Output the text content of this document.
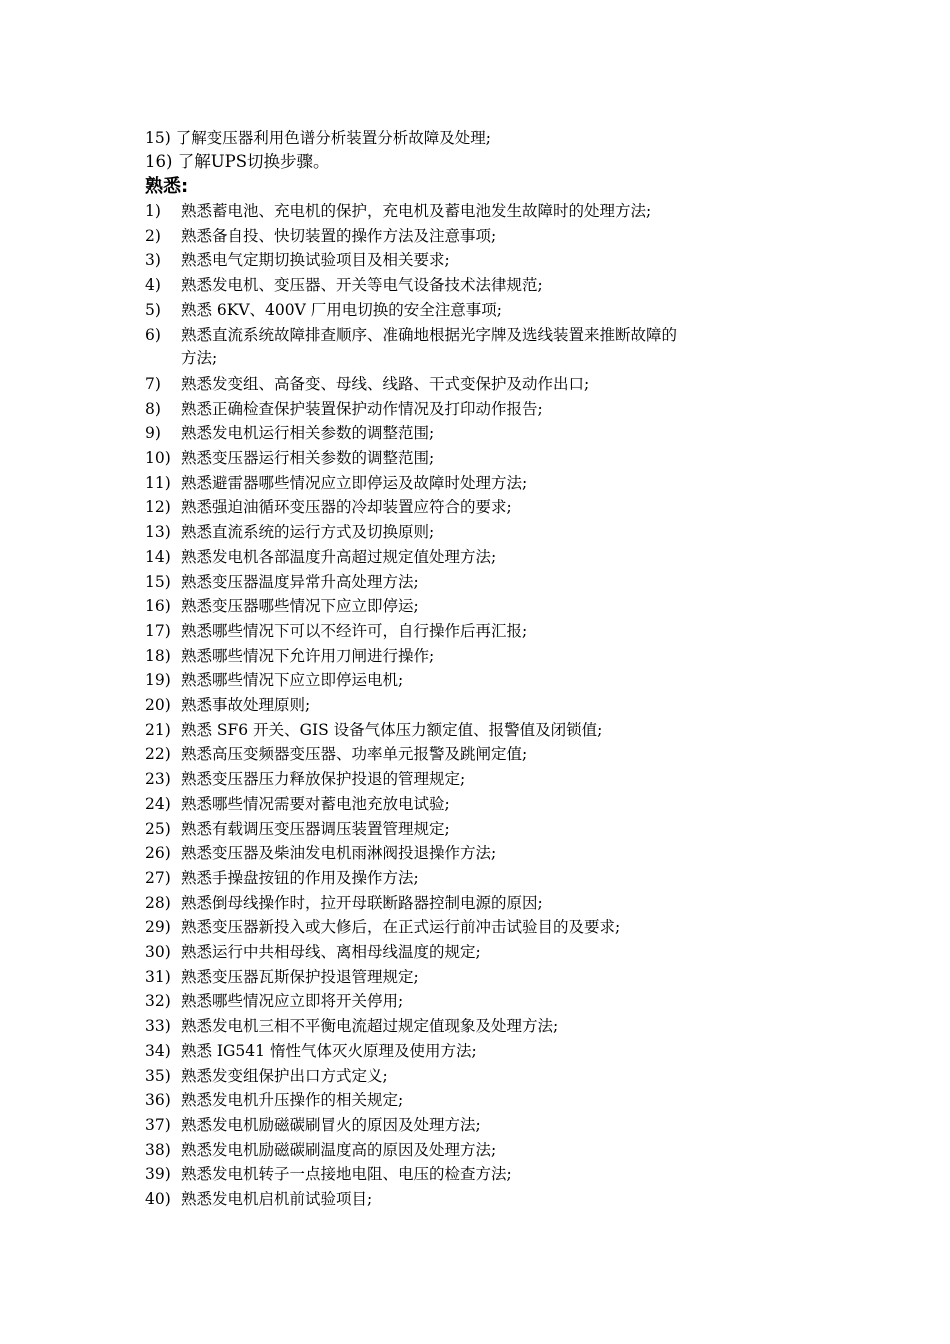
15) 了解变压器利用色谱分析装置分析故障及处理;
16) 了解UPS切换步骤。
熟悉:
1) 熟悉蓄电池、充电机的保护，充电机及蓄电池发生故障时的处理方法;
2) 熟悉备自投、快切装置的操作方法及注意事项;
3) 熟悉电气定期切换试验项目及相关要求;
4) 熟悉发电机、变压器、开关等电气设备技术法律规范;
5) 熟悉 6KV、400V 厂用电切换的安全注意事项;
6) 熟悉直流系统故障排查顺序、准确地根据光字牌及选线装置来推断故障的
方法;
7) 熟悉发变组、高备变、母线、线路、干式变保护及动作出口;
8) 熟悉正确检查保护装置保护动作情况及打印动作报告;
9) 熟悉发电机运行相关参数的调整范围;
10) 熟悉变压器运行相关参数的调整范围;
11) 熟悉避雷器哪些情况应立即停运及故障时处理方法;
12) 熟悉强迫油循环变压器的冷却装置应符合的要求;
13) 熟悉直流系统的运行方式及切换原则;
14) 熟悉发电机各部温度升高超过规定值处理方法;
15) 熟悉变压器温度异常升高处理方法;
16) 熟悉变压器哪些情况下应立即停运;
17) 熟悉哪些情况下可以不经许可，自行操作后再汇报;
18) 熟悉哪些情况下允许用刀闸进行操作;
19) 熟悉哪些情况下应立即停运电机;
20) 熟悉事故处理原则;
21) 熟悉 SF6 开关、GIS 设备气体压力额定值、报警值及闭锁值;
22) 熟悉高压变频器变压器、功率单元报警及跳闸定值;
23) 熟悉变压器压力释放保护投退的管理规定;
24) 熟悉哪些情况需要对蓄电池充放电试验;
25) 熟悉有载调压变压器调压装置管理规定;
26) 熟悉变压器及柴油发电机雨淋阀投退操作方法;
27) 熟悉手操盘按钮的作用及操作方法;
28) 熟悉倒母线操作时，拉开母联断路器控制电源的原因;
29) 熟悉变压器新投入或大修后，在正式运行前冲击试验目的及要求;
30) 熟悉运行中共相母线、离相母线温度的规定;
31) 熟悉变压器瓦斯保护投退管理规定;
32) 熟悉哪些情况应立即将开关停用;
33) 熟悉发电机三相不平衡电流超过规定值现象及处理方法;
34) 熟悉 IG541 惰性气体灭火原理及使用方法;
35) 熟悉发变组保护出口方式定义;
36) 熟悉发电机升压操作的相关规定;
37) 熟悉发电机励磁碳刷冒火的原因及处理方法;
38) 熟悉发电机励磁碳刷温度高的原因及处理方法;
39) 熟悉发电机转子一点接地电阻、电压的检查方法;
40) 熟悉发电机启机前试验项目;
